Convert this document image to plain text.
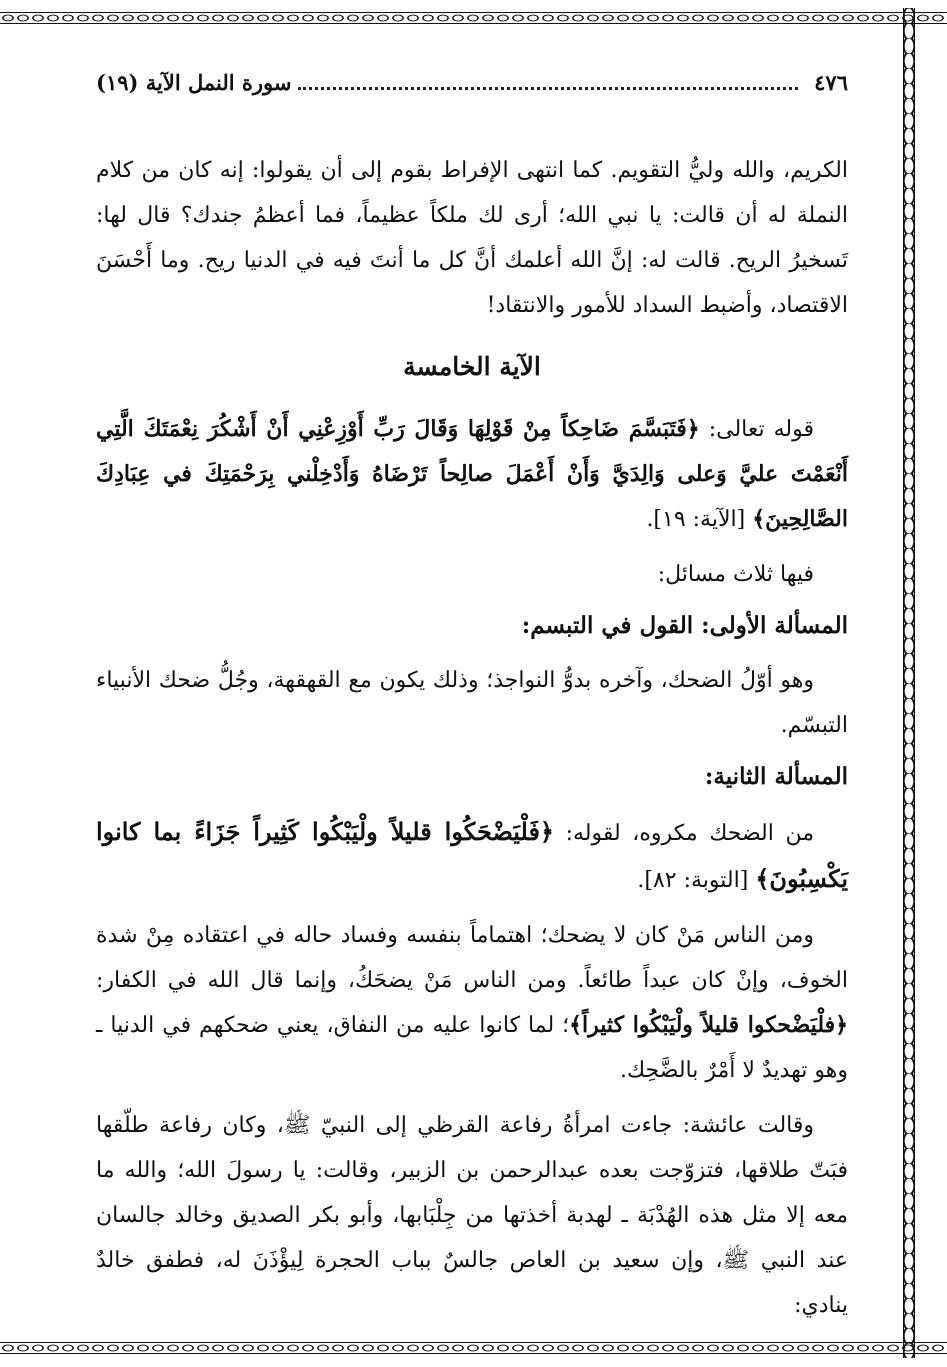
٤٧٦
سورة النمل الآية (١٩)

الكريم، والله وليُّ التقويم. كما انتهى الإفراط بقوم إلى أن يقولوا: إنه كان من كلام النملة له أن قالت: يا نبي الله؛ أرى لك ملكاً عظيماً، فما أعظمُ جندك؟ قال لها: تَسخيرُ الريح. قالت له: إنَّ الله أعلمك أنَّ كل ما أنتَ فيه في الدنيا ريح. وما أَحْسَنَ الاقتصاد، وأضبط السداد للأمور والانتقاد!

الآية الخامسة

قوله تعالى: ﴿فَتَبَسَّمَ ضَاحِكاً مِنْ قَوْلِهَا وَقَالَ رَبِّ أَوْزِعْنِي أَنْ أَشْكُرَ نِعْمَتَكَ الَّتِي أَنْعَمْتَ عليَّ وَعلى وَالِدَيَّ وَأَنْ أَعْمَلَ صالِحاً تَرْضَاهُ وَأَدْخِلْني بِرَحْمَتِكَ في عِبَادِكَ الصَّالِحِينَ﴾ [الآية: ١٩].

فيها ثلاث مسائل:

المسألة الأولى: القول في التبسم:

وهو أوّلُ الضحك، وآخره بدوُّ النواجذ؛ وذلك يكون مع القهقهة، وجُلُّ ضحك الأنبياء التبسّم.

المسألة الثانية:

من الضحك مكروه، لقوله: ﴿فَلْيَضْحَكُوا قليلاً ولْيَبْكُوا كَثِيراً جَزَاءً بما كانوا يَكْسِبُونَ﴾ [التوبة: ٨٢].

ومن الناس مَنْ كان لا يضحك؛ اهتماماً بنفسه وفساد حاله في اعتقاده مِنْ شدة الخوف، وإنْ كان عبداً طائعاً. ومن الناس مَنْ يضحَكُ، وإنما قال الله في الكفار: ﴿فلْيَضْحكوا قليلاً ولْيَبْكُوا كثيراً﴾؛ لما كانوا عليه من النفاق، يعني ضحكهم في الدنيا ـ وهو تهديدٌ لا أَمْرٌ بالضَّحِك.

وقالت عائشة: جاءت امرأةُ رفاعة القرظي إلى النبيّ ﷺ، وكان رفاعة طلّقها فبَتّ طلاقها، فتزوّجت بعده عبدالرحمن بن الزبير، وقالت: يا رسولَ الله؛ والله ما معه إلا مثل هذه الهُدْبَة ـ لهدبة أخذتها من جِلْبَابها، وأبو بكر الصديق وخالد جالسان عند النبي ﷺ، وإن سعيد بن العاص جالسٌ بباب الحجرة لِيؤْذَنَ له، فطفق خالدٌ ينادي:
